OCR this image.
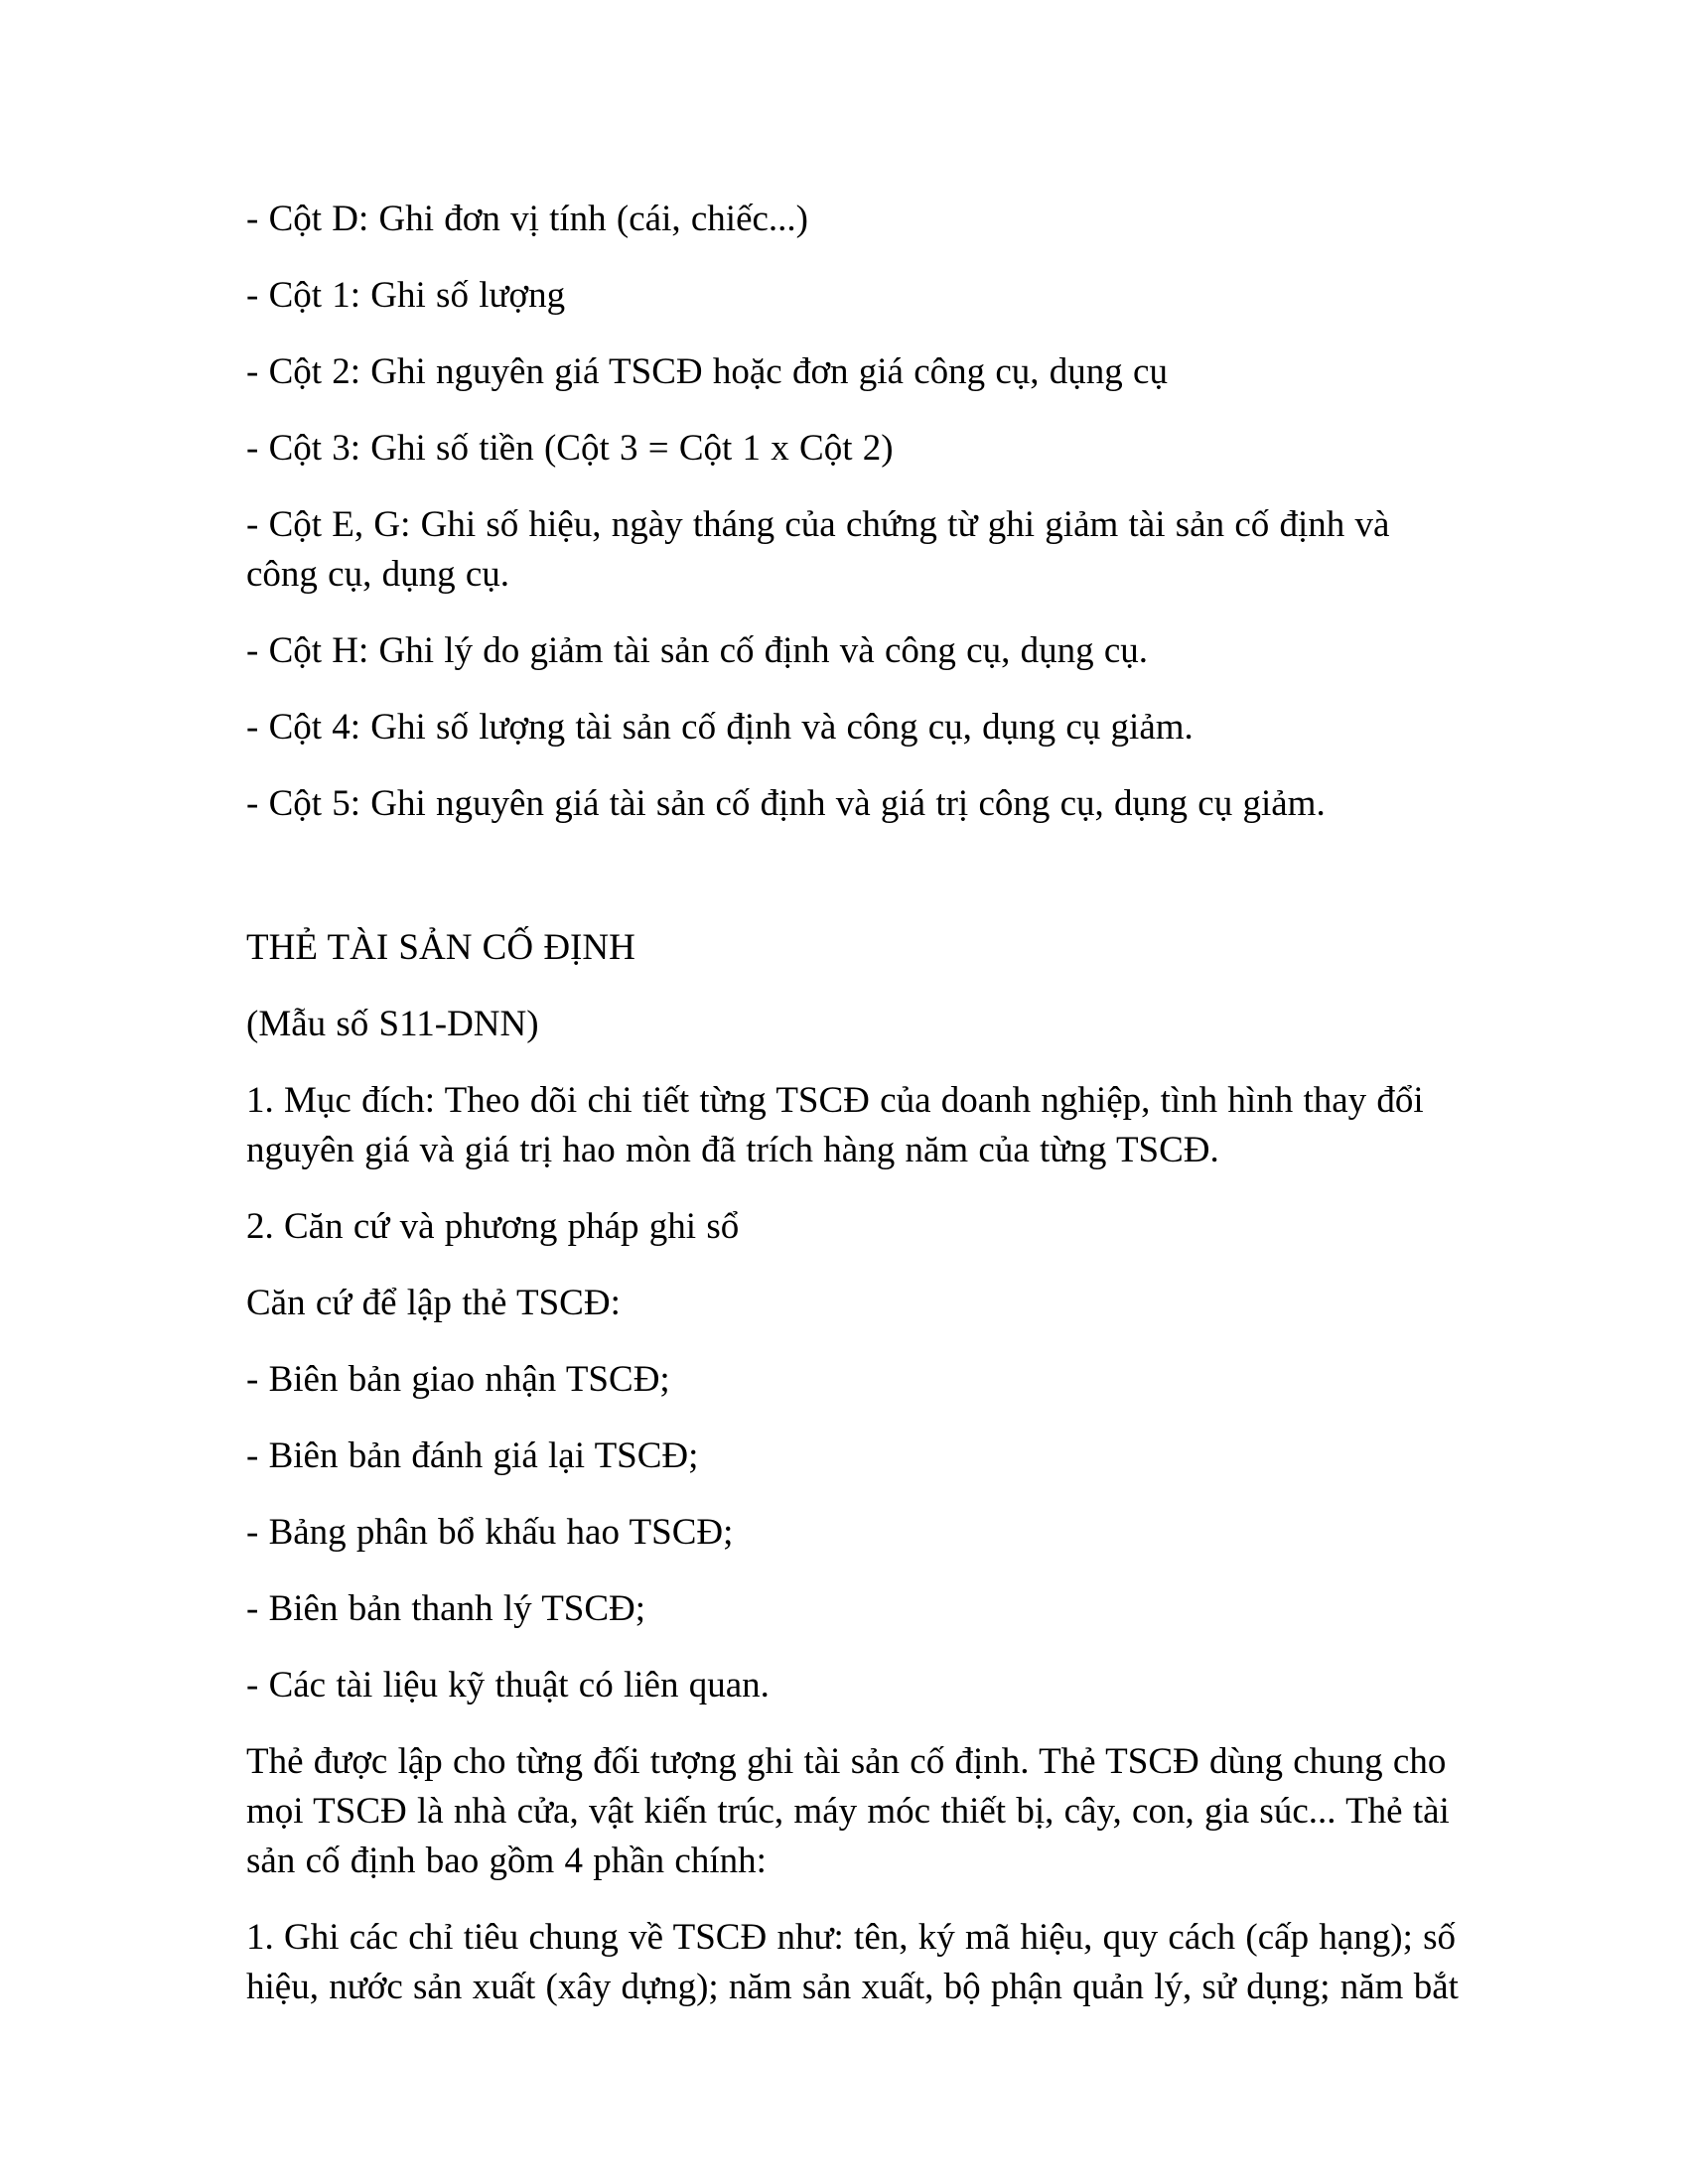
- Cột D: Ghi đơn vị tính (cái, chiếc...)

- Cột 1: Ghi số lượng

- Cột 2: Ghi nguyên giá TSCĐ hoặc đơn giá công cụ, dụng cụ

- Cột 3: Ghi số tiền (Cột 3 = Cột 1 x Cột 2)

- Cột E, G: Ghi số hiệu, ngày tháng của chứng từ ghi giảm tài sản cố định và công cụ, dụng cụ.

- Cột H: Ghi lý do giảm tài sản cố định và công cụ, dụng cụ.

- Cột 4: Ghi số lượng tài sản cố định và công cụ, dụng cụ giảm.

- Cột 5: Ghi nguyên giá tài sản cố định và giá trị công cụ, dụng cụ giảm.

THẺ TÀI SẢN CỐ ĐỊNH

(Mẫu số S11-DNN)

1. Mục đích: Theo dõi chi tiết từng TSCĐ của doanh nghiệp, tình hình thay đổi nguyên giá và giá trị hao mòn đã trích hàng năm của từng TSCĐ.

2. Căn cứ và phương pháp ghi sổ

Căn cứ để lập thẻ TSCĐ:

- Biên bản giao nhận TSCĐ;

- Biên bản đánh giá lại TSCĐ;

- Bảng phân bổ khấu hao TSCĐ;

- Biên bản thanh lý TSCĐ;

- Các tài liệu kỹ thuật có liên quan.

Thẻ được lập cho từng đối tượng ghi tài sản cố định. Thẻ TSCĐ dùng chung cho mọi TSCĐ là nhà cửa, vật kiến trúc, máy móc thiết bị, cây, con, gia súc... Thẻ tài sản cố định bao gồm 4 phần chính:

1. Ghi các chỉ tiêu chung về TSCĐ như: tên, ký mã hiệu, quy cách (cấp hạng); số hiệu, nước sản xuất (xây dựng); năm sản xuất, bộ phận quản lý, sử dụng; năm bắt
